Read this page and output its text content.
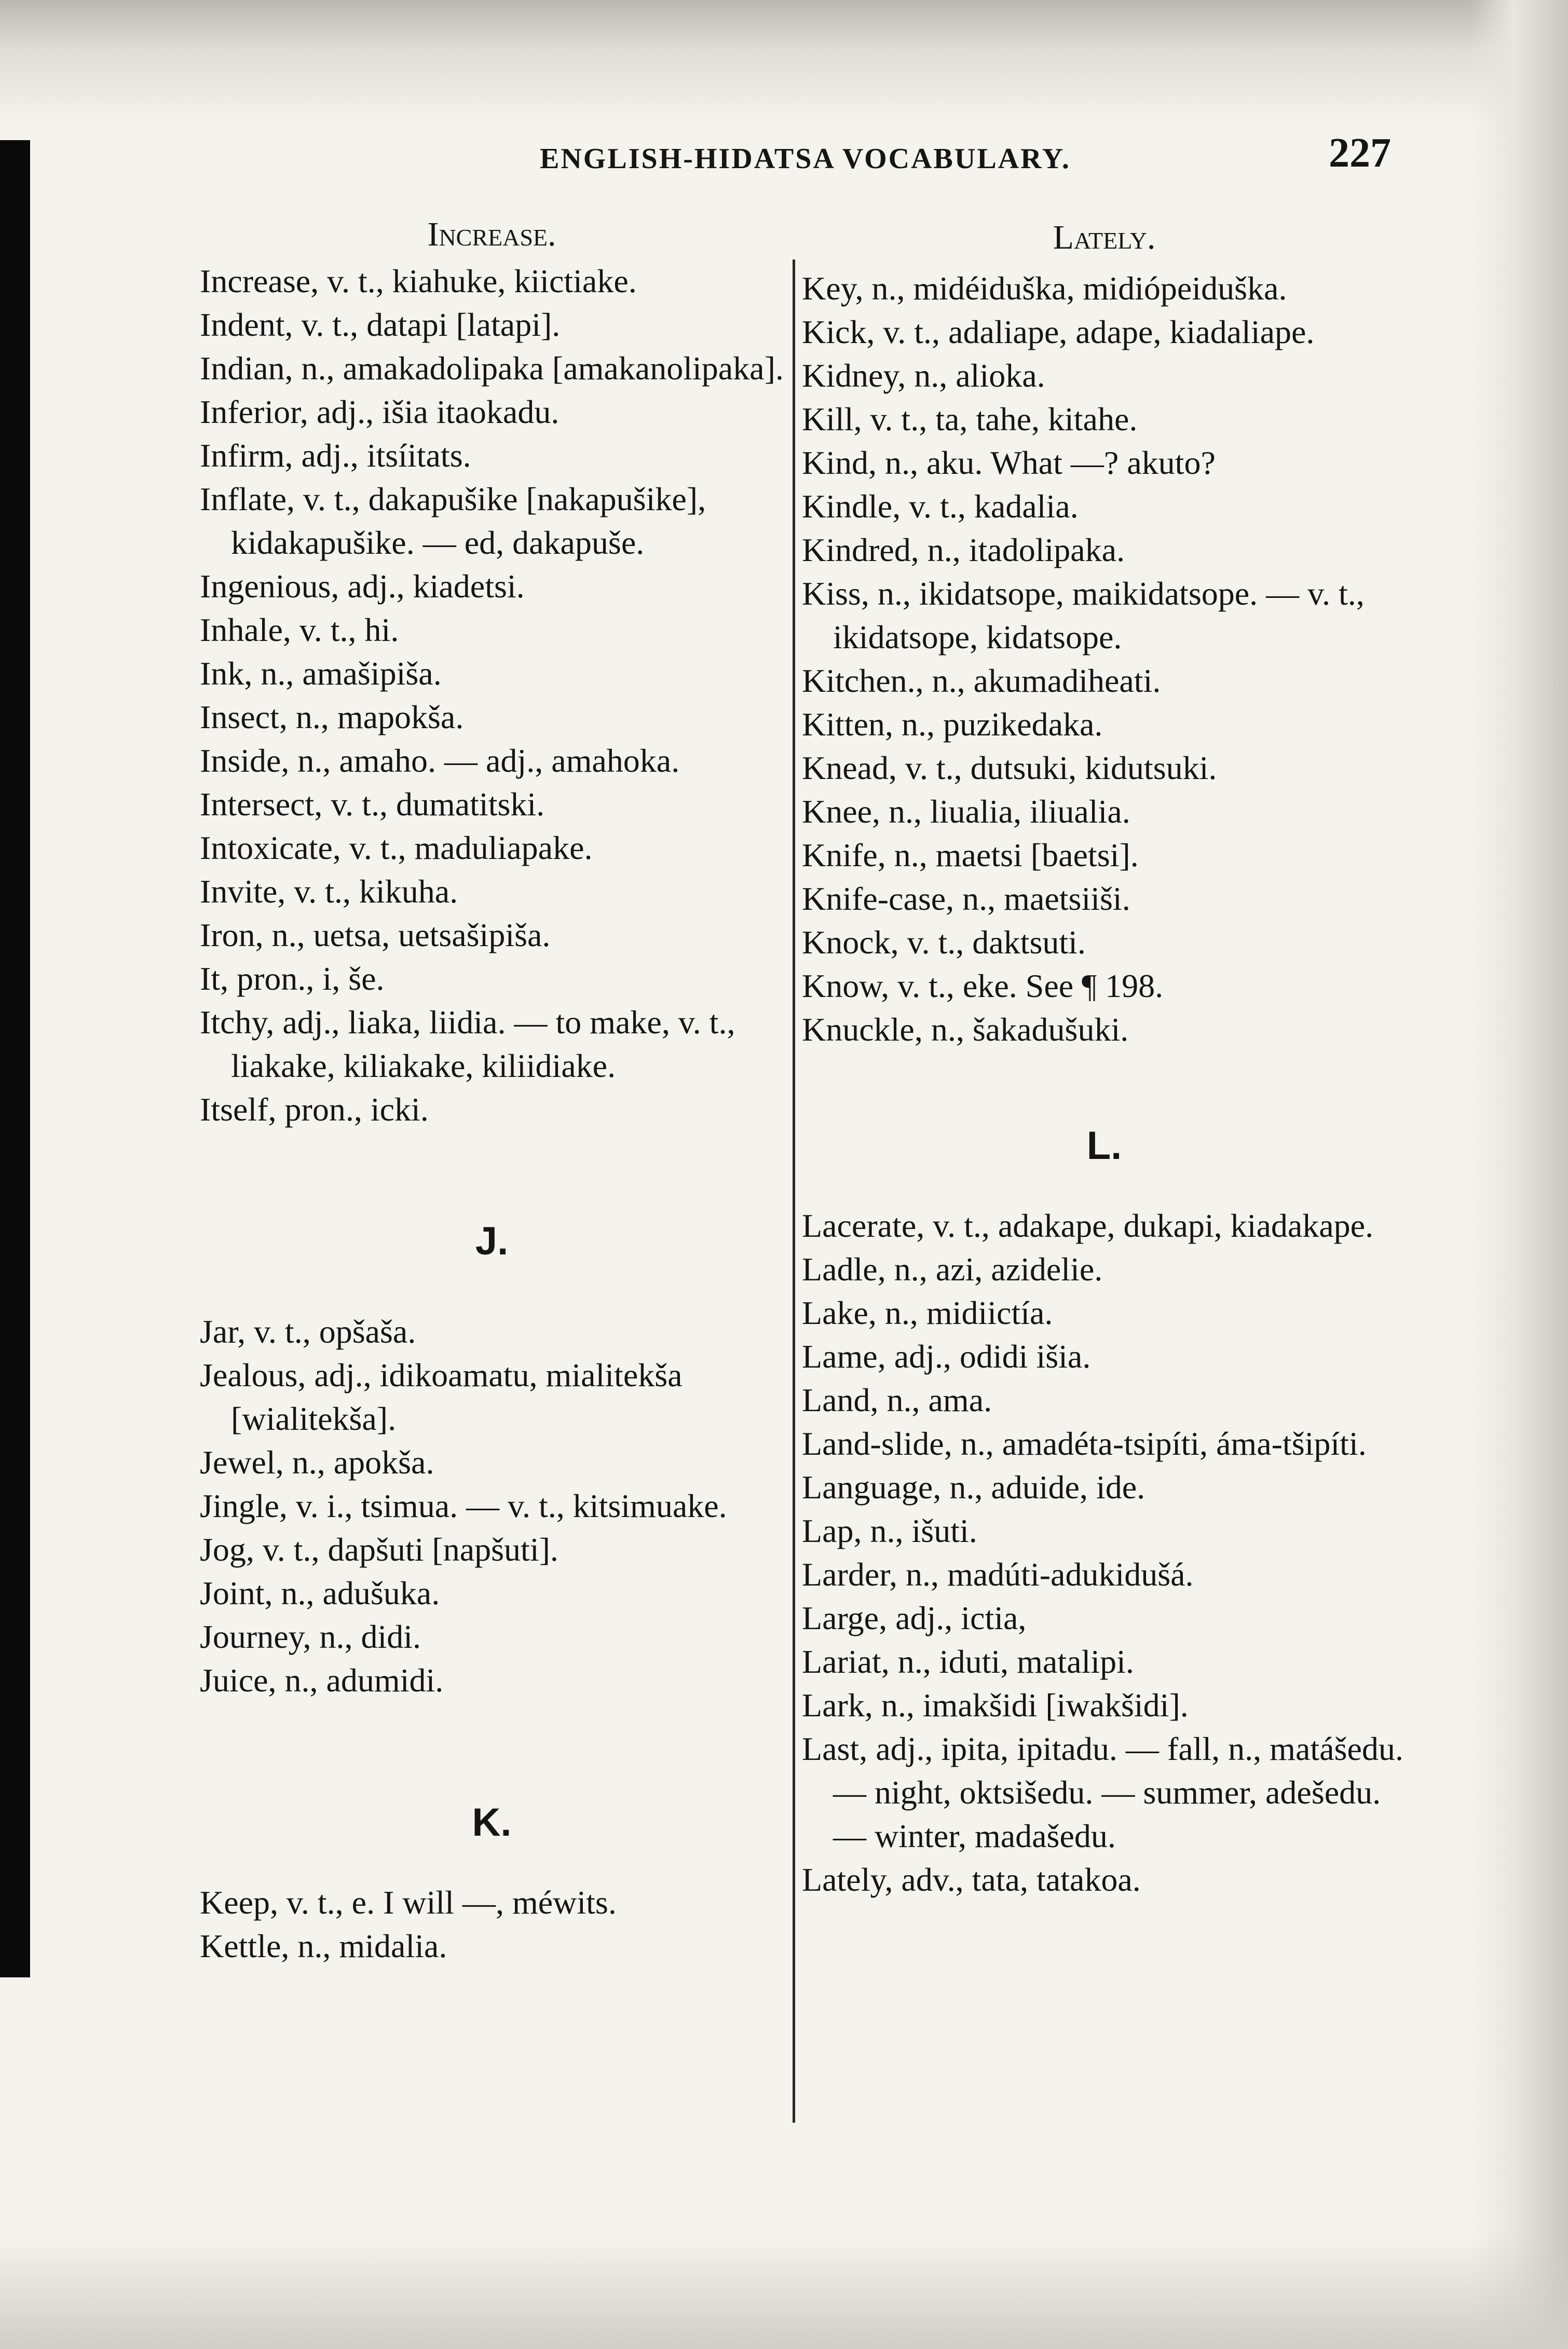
ENGLISH-HIDATSA VOCABULARY.	227
Increase.

Increase, v. t., kiahuke, kiictiake.

Indent, v. t., datapi [latapi].

Indian, n., amakadolipaka [amakanolipaka].

Inferior, adj., išia itaokadu.

Infirm, adj., itsíitats.

Inflate, v. t., dakapušike [nakapušike], kidakapušike. — ed, dakapuše.

Ingenious, adj., kiadetsi.

Inhale, v. t., hi.

Ink, n., amašipiša.

Insect, n., mapokša.

Inside, n., amaho. — adj., amahoka.

Intersect, v. t., dumatitski.

Intoxicate, v. t., maduliapake.

Invite, v. t., kikuha.

Iron, n., uetsa, uetsašipiša.

It, pron., i, še.

Itchy, adj., liaka, liidia. — to make, v. t., liakake, kiliakake, kiliidiake.

Itself, pron., icki.

J.

Jar, v. t., opšaša.

Jealous, adj., idikoamatu, mialitekša [wialitekša].

Jewel, n., apokša.

Jingle, v. i., tsimua. — v. t., kitsimuake.

Jog, v. t., dapšuti [napšuti].

Joint, n., adušuka.

Journey, n., didi.

Juice, n., adumidi.

K.

Keep, v. t., e. I will —, méwits.

Kettle, n., midalia.

Lately.

Key, n., midéiduška, midiópeiduška.

Kick, v. t., adaliape, adape, kiadaliape.

Kidney, n., alioka.

Kill, v. t., ta, tahe, kitahe.

Kind, n., aku. What —? akuto?

Kindle, v. t., kadalia.

Kindred, n., itadolipaka.

Kiss, n., ikidatsope, maikidatsope. — v. t., ikidatsope, kidatsope.

Kitchen., n., akumadiheati.

Kitten, n., puzikedaka.

Knead, v. t., dutsuki, kidutsuki.

Knee, n., liualia, iliualia.

Knife, n., maetsi [baetsi].

Knife-case, n., maetsiiši.

Knock, v. t., daktsuti.

Know, v. t., eke. See ¶ 198.

Knuckle, n., šakadušuki.

L.

Lacerate, v. t., adakape, dukapi, kiadakape.

Ladle, n., azi, azidelie.

Lake, n., midiictía.

Lame, adj., odidi išia.

Land, n., ama.

Land-slide, n., amadéta-tsipíti, áma-tšipíti.

Language, n., aduide, ide.

Lap, n., išuti.

Larder, n., madúti-adukidušá.

Large, adj., ictia,

Lariat, n., iduti, matalipi.

Lark, n., imakšidi [iwakšidi].

Last, adj., ipita, ipitadu. — fall, n., matášedu. — night, oktsišedu. — summer, adešedu. — winter, madašedu.

Lately, adv., tata, tatakoa.
